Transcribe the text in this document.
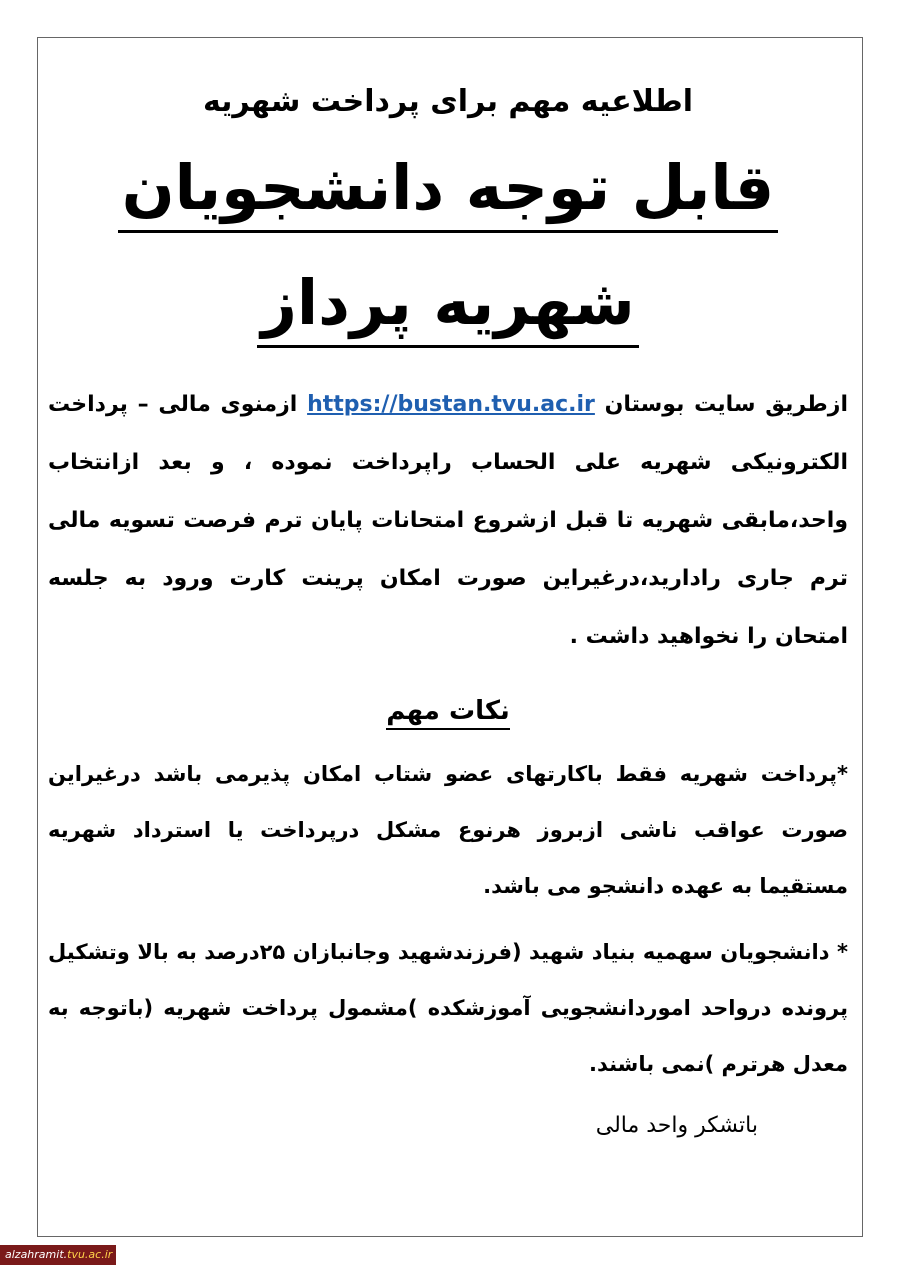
اطلاعیه مهم برای پرداخت شهریه
قابل توجه دانشجویان
شهریه پرداز

ازطریق سایت بوستان https://bustan.tvu.ac.ir ازمنوی مالی – پرداخت الکترونیکی شهریه علی الحساب راپرداخت نموده ، و بعد ازانتخاب واحد،مابقی شهریه تا قبل ازشروع امتحانات پایان ترم فرصت تسویه مالی ترم جاری رادارید،درغیراین صورت امکان پرینت کارت ورود به جلسه امتحان را نخواهید داشت .

نکات مهم

*پرداخت شهریه فقط باکارتهای عضو شتاب امکان پذیرمی باشد درغیراین صورت عواقب ناشی ازبروز هرنوع مشکل درپرداخت یا استرداد شهریه مستقیما به عهده دانشجو می باشد.

* دانشجویان سهمیه بنیاد شهید (فرزندشهید وجانبازان ۲۵درصد به بالا وتشکیل پرونده درواحد اموردانشجویی آموزشکده )مشمول پرداخت شهریه (باتوجه به معدل هرترم )نمی باشند.

باتشکر واحد مالی
alzahramit.tvu.ac.ir
